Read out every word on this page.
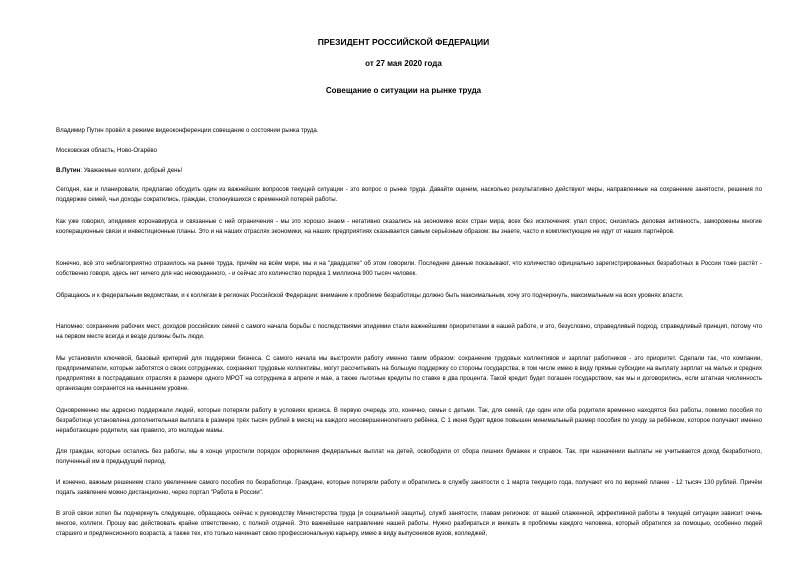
ПРЕЗИДЕНТ РОССИЙСКОЙ ФЕДЕРАЦИИ
от 27 мая 2020 года
Совещание о ситуации на рынке труда

Владимир Путин провёл в режиме видеоконференции совещание о состоянии рынка труда.

Московская область, Ново-Огарёво

В.Путин: Уважаемые коллеги, добрый день!

Сегодня, как и планировали, предлагаю обсудить один из важнейших вопросов текущей ситуации - это вопрос о рынке труда. Давайте оценим, насколько результативно действуют меры, направленные на сохранение занятости, решения по поддержке семей, чьи доходы сократились, граждан, столкнувшихся с временной потерей работы.

Как уже говорил, эпидемия коронавируса и связанные с ней ограничения - мы это хорошо знаем - негативно сказались на экономике всех стран мира, всех без исключения: упал спрос, снизилась деловая активность, заморожены многие кооперационные связи и инвестиционные планы. Это и на наших отраслях экономики, на наших предприятиях сказывается самым серьёзным образом: вы знаете, часто и комплектующие не идут от наших партнёров.

Конечно, всё это неблагоприятно отразилось на рынке труда, причём на всём мире, мы и на "двадцатке" об этом говорили. Последние данные показывают, что количество официально зарегистрированных безработных в России тоже растёт - собственно говоря, здесь нет ничего для нас неожиданного, - и сейчас это количество порядка 1 миллиона 900 тысяч человек.

Обращаюсь и к федеральным ведомствам, и к коллегам в регионах Российской Федерации: внимание к проблеме безработицы должно быть максимальным, хочу это подчеркнуть, максимальным на всех уровнях власти.

Напомню: сохранение рабочих мест, доходов российских семей с самого начала борьбы с последствиями эпидемии стали важнейшими приоритетами в нашей работе, и это, безусловно, справедливый подход, справедливый принцип, потому что на первом месте всегда и везде должны быть люди.

Мы установили ключевой, базовый критерий для поддержки бизнеса. С самого начала мы выстроили работу именно таким образом: сохранение трудовых коллективов и зарплат работников - это приоритет. Сделали так, что компании, предприниматели, которые заботятся о своих сотрудниках, сохраняют трудовые коллективы, могут рассчитывать на большую поддержку со стороны государства, в том числе имею в виду прямые субсидии на выплату зарплат на малых и средних предприятиях в пострадавших отраслях в размере одного МРОТ на сотрудника в апреле и мае, а также льготные кредиты по ставке в два процента. Такой кредит будет погашен государством, как мы и договорились, если штатная численность организации сохранится на нынешнем уровне.

Одновременно мы адресно поддержали людей, которые потеряли работу в условиях кризиса. В первую очередь это, конечно, семьи с детьми. Так, для семей, где один или оба родителя временно находятся без работы, помимо пособия по безработице установлена дополнительная выплата в размере трёх тысяч рублей в месяц на каждого несовершеннолетнего ребёнка. С 1 июня будет вдвое повышен минимальный размер пособия по уходу за ребёнком, которое получают именно неработающие родители, как правило, это молодые мамы.

Для граждан, которые остались без работы, мы в конце упростили порядок оформления федеральных выплат на детей, освободили от сбора лишних бумажек и справок. Так, при назначении выплаты не учитывается доход безработного, полученный им в предыдущий период.

И конечно, важным решением стало увеличение самого пособия по безработице. Граждане, которые потеряли работу и обратились в службу занятости с 1 марта текущего года, получают его по верхней планке - 12 тысяч 130 рублей. Причём подать заявление можно дистанционно, через портал "Работа в России".

В этой связи хотел бы подчеркнуть следующее, обращаюсь сейчас к руководству Министерства труда [и социальной защиты], служб занятости, главам регионов: от вашей слаженной, эффективной работы в текущей ситуации зависит очень многое, коллеги. Прошу вас действовать крайне ответственно, с полной отдачей. Это важнейшее направление нашей работы. Нужно разбираться и вникать в проблемы каждого человека, который обратился за помощью, особенно людей старшего и предпенсионного возраста, а также тех, кто только начинает свою профессиональную карьеру, имею в виду выпускников вузов, колледжей,
